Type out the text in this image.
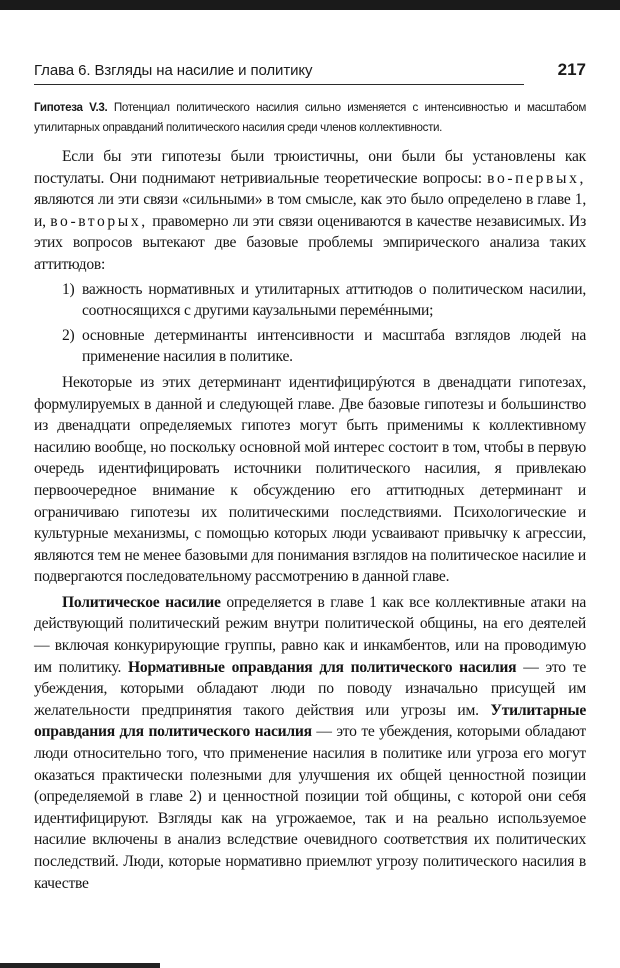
Глава 6. Взгляды на насилие и политику	217
Гипотеза V.3. Потенциал политического насилия сильно изменяется с интенсивностью и масштабом утилитарных оправданий политического насилия среди членов коллективности.

Если бы эти гипотезы были трюистичны, они были бы установлены как постулаты. Они поднимают нетривиальные теоретические вопросы: во-первых, являются ли эти связи «сильными» в том смысле, как это было определено в главе 1, и, во-вторых, правомерно ли эти связи оцениваются в качестве независимых. Из этих вопросов вытекают две базовые проблемы эмпирического анализа таких аттитюдов:

1) важность нормативных и утилитарных аттитюдов о политическом насилии, соотносящихся с другими каузальными перемéнными;
2) основные детерминанты интенсивности и масштаба взглядов людей на применение насилия в политике.

Некоторые из этих детерминант идентифицирýются в двенадцати гипотезах, формулируемых в данной и следующей главе. Две базовые гипотезы и большинство из двенадцати определяемых гипотез могут быть применимы к коллективному насилию вообще, но поскольку основной мой интерес состоит в том, чтобы в первую очередь идентифицировать источники политического насилия, я привлекаю первоочередное внимание к обсуждению его аттитюдных детерминант и ограничиваю гипотезы их политическими последствиями. Психологические и культурные механизмы, с помощью которых люди усваивают привычку к агрессии, являются тем не менее базовыми для понимания взглядов на политическое насилие и подвергаются последовательному рассмотрению в данной главе.

Политическое насилие определяется в главе 1 как все коллективные атаки на действующий политический режим внутри политической общины, на его деятелей — включая конкурирующие группы, равно как и инкамбентов, или на проводимую им политику. Нормативные оправдания для политического насилия — это те убеждения, которыми обладают люди по поводу изначально присущей им желательности предпринятия такого действия или угрозы им. Утилитарные оправдания для политического насилия — это те убеждения, которыми обладают люди относительно того, что применение насилия в политике или угроза его могут оказаться практически полезными для улучшения их общей ценностной позиции (определяемой в главе 2) и ценностной позиции той общины, с которой они себя идентифицируют. Взгляды как на угрожаемое, так и на реально используемое насилие включены в анализ вследствие очевидного соответствия их политических последствий. Люди, которые нормативно приемлют угрозу политического насилия в качестве
